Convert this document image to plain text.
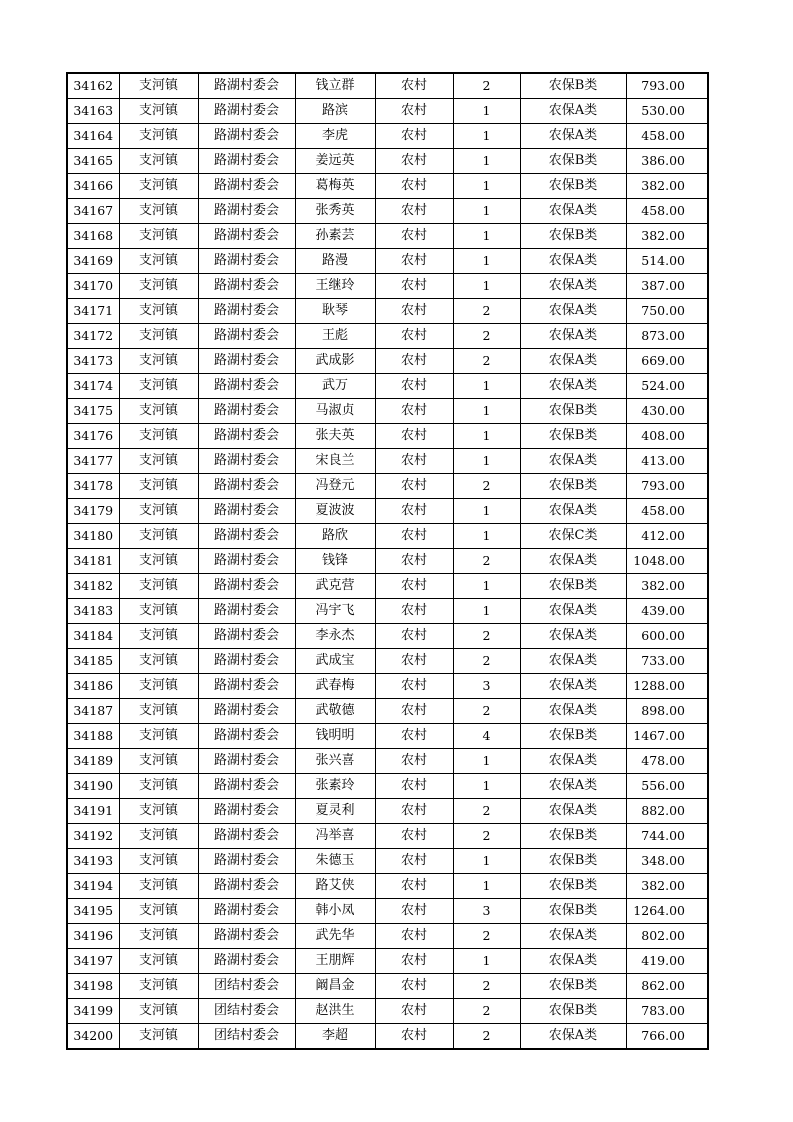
34162	支河镇	路湖村委会	钱立群	农村	2	农保B类	793.00
34163	支河镇	路湖村委会	路滨	农村	1	农保A类	530.00
34164	支河镇	路湖村委会	李虎	农村	1	农保A类	458.00
34165	支河镇	路湖村委会	姜远英	农村	1	农保B类	386.00
34166	支河镇	路湖村委会	葛梅英	农村	1	农保B类	382.00
34167	支河镇	路湖村委会	张秀英	农村	1	农保A类	458.00
34168	支河镇	路湖村委会	孙素芸	农村	1	农保B类	382.00
34169	支河镇	路湖村委会	路漫	农村	1	农保A类	514.00
34170	支河镇	路湖村委会	王继玲	农村	1	农保A类	387.00
34171	支河镇	路湖村委会	耿琴	农村	2	农保A类	750.00
34172	支河镇	路湖村委会	王彪	农村	2	农保A类	873.00
34173	支河镇	路湖村委会	武成影	农村	2	农保A类	669.00
34174	支河镇	路湖村委会	武万	农村	1	农保A类	524.00
34175	支河镇	路湖村委会	马淑贞	农村	1	农保B类	430.00
34176	支河镇	路湖村委会	张夫英	农村	1	农保B类	408.00
34177	支河镇	路湖村委会	宋良兰	农村	1	农保A类	413.00
34178	支河镇	路湖村委会	冯登元	农村	2	农保B类	793.00
34179	支河镇	路湖村委会	夏波波	农村	1	农保A类	458.00
34180	支河镇	路湖村委会	路欣	农村	1	农保C类	412.00
34181	支河镇	路湖村委会	钱锋	农村	2	农保A类	1048.00
34182	支河镇	路湖村委会	武克营	农村	1	农保B类	382.00
34183	支河镇	路湖村委会	冯宇飞	农村	1	农保A类	439.00
34184	支河镇	路湖村委会	李永杰	农村	2	农保A类	600.00
34185	支河镇	路湖村委会	武成宝	农村	2	农保A类	733.00
34186	支河镇	路湖村委会	武春梅	农村	3	农保A类	1288.00
34187	支河镇	路湖村委会	武敬德	农村	2	农保A类	898.00
34188	支河镇	路湖村委会	钱明明	农村	4	农保B类	1467.00
34189	支河镇	路湖村委会	张兴喜	农村	1	农保A类	478.00
34190	支河镇	路湖村委会	张素玲	农村	1	农保A类	556.00
34191	支河镇	路湖村委会	夏灵利	农村	2	农保A类	882.00
34192	支河镇	路湖村委会	冯举喜	农村	2	农保B类	744.00
34193	支河镇	路湖村委会	朱德玉	农村	1	农保B类	348.00
34194	支河镇	路湖村委会	路艾侠	农村	1	农保B类	382.00
34195	支河镇	路湖村委会	韩小凤	农村	3	农保B类	1264.00
34196	支河镇	路湖村委会	武先华	农村	2	农保A类	802.00
34197	支河镇	路湖村委会	王朋辉	农村	1	农保A类	419.00
34198	支河镇	团结村委会	阚昌金	农村	2	农保B类	862.00
34199	支河镇	团结村委会	赵洪生	农村	2	农保B类	783.00
34200	支河镇	团结村委会	李超	农村	2	农保A类	766.00
